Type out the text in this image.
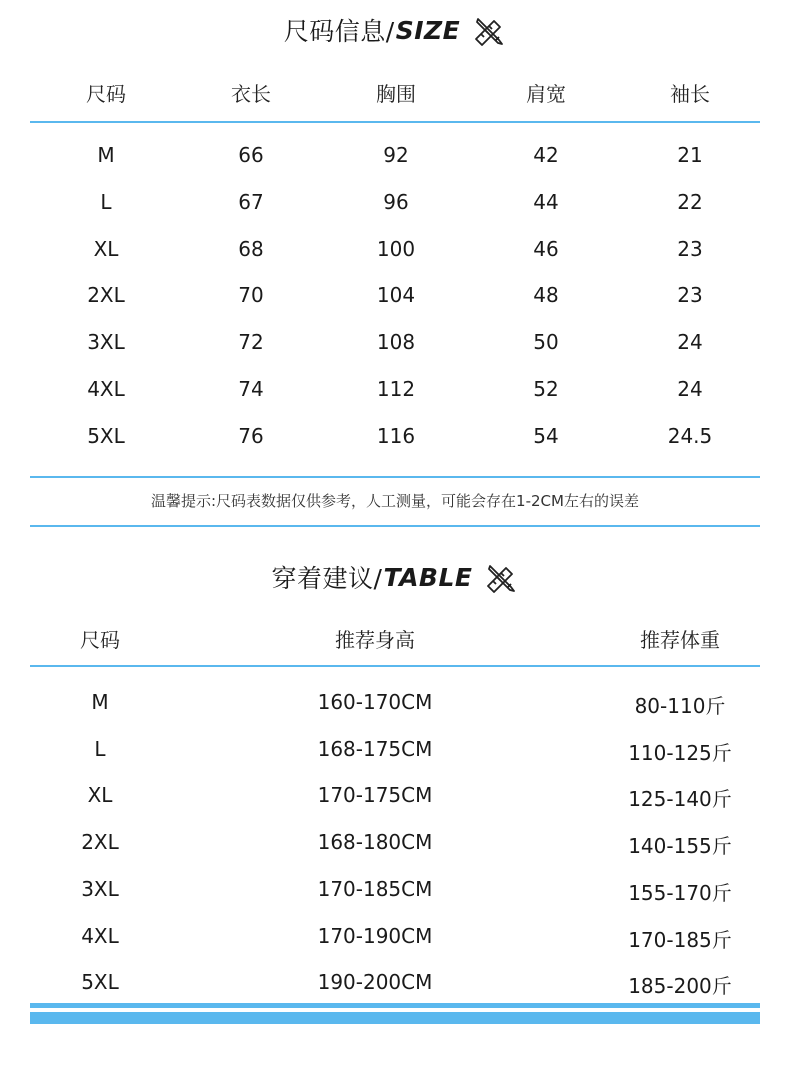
尺码信息/ SIZE
尺码	衣长	胸围	肩宽	袖长
M	66	92	42	21
L	67	96	44	22
XL	68	100	46	23
2XL	70	104	48	23
3XL	72	108	50	24
4XL	74	112	52	24
5XL	76	116	54	24.5
温馨提示:尺码表数据仅供参考，人工测量，可能会存在1-2CM左右的误差
穿着建议/ TABLE
尺码	推荐身高	推荐体重
M	160-170CM	80-110斤
L	168-175CM	110-125斤
XL	170-175CM	125-140斤
2XL	168-180CM	140-155斤
3XL	170-185CM	155-170斤
4XL	170-190CM	170-185斤
5XL	190-200CM	185-200斤
